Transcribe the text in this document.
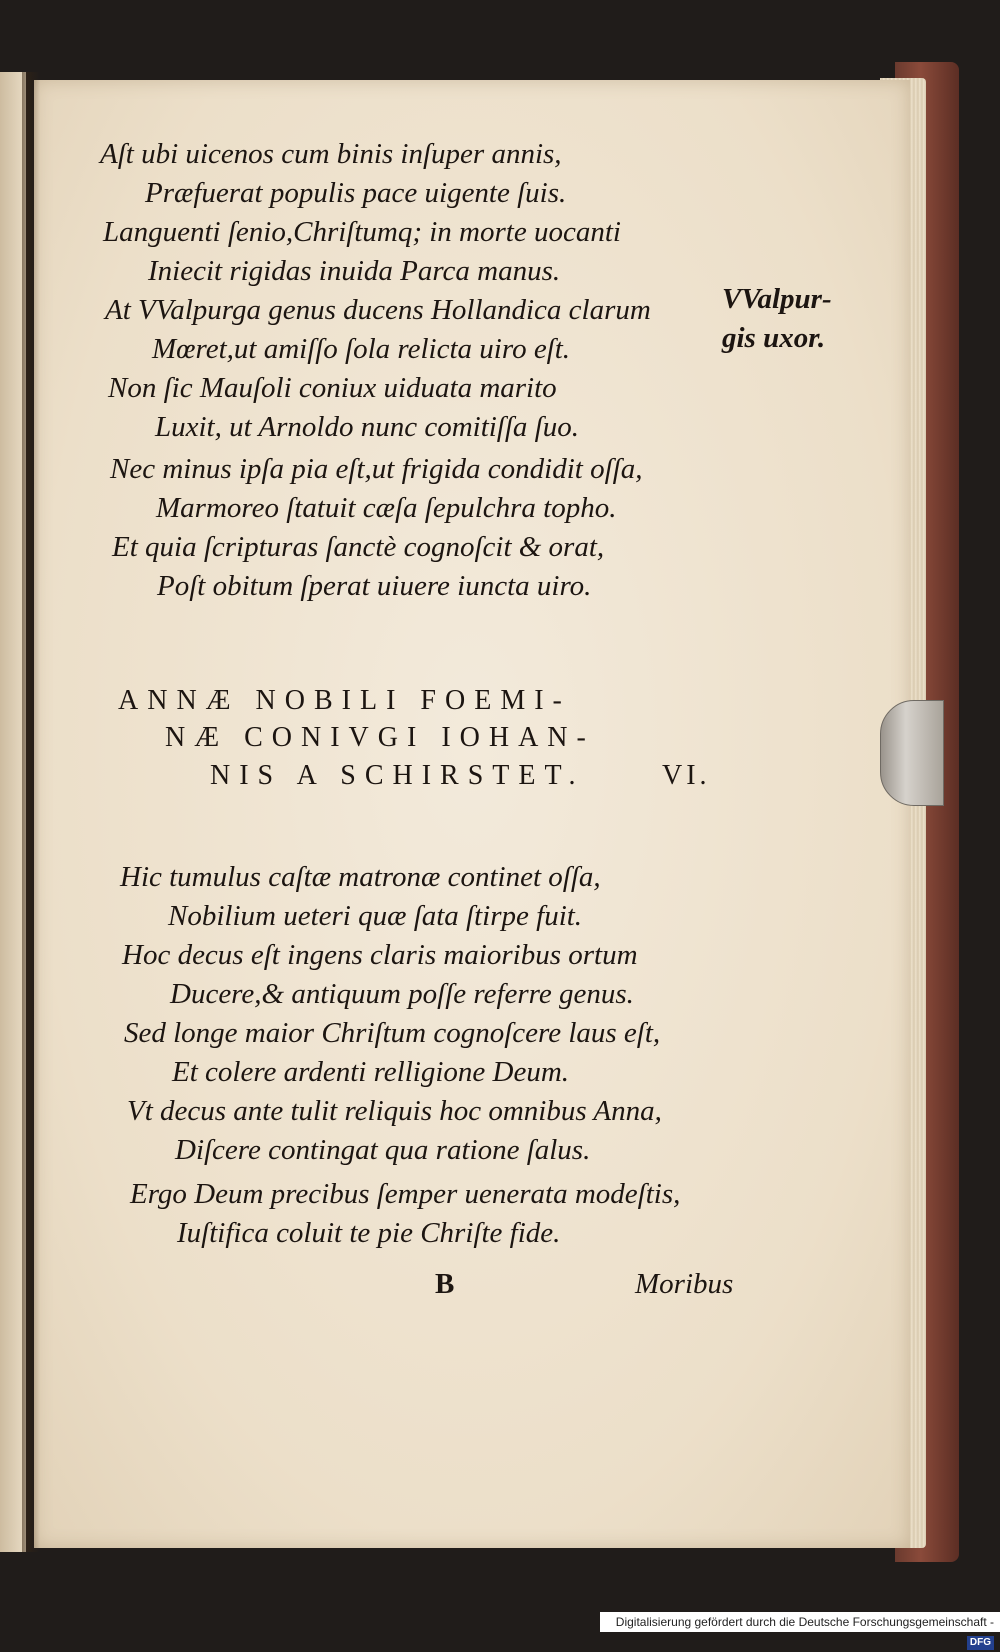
Aſt ubi uicenos cum binis inſuper annis,
Præfuerat populis pace uigente ſuis.
Languenti ſenio,Chriſtumq; in morte uocanti
Iniecit rigidas inuida Parca manus.
At VValpurga genus ducens Hollandica clarum
Mœret,ut amiſſo ſola relicta uiro eſt.
Non ſic Mauſoli coniux uiduata marito
Luxit, ut Arnoldo nunc comitiſſa ſuo.
Nec minus ipſa pia eſt,ut frigida condidit oſſa,
Marmoreo ſtatuit cæſa ſepulchra topho.
Et quia ſcripturas ſanctè cognoſcit & orat,
Poſt obitum ſperat uiuere iuncta uiro.
VValpur-
gis uxor.
ANNÆ NOBILI FOEMI-
NÆ CONIVGI IOHAN-
NIS A SCHIRSTET.	VI.
Hic tumulus caſtæ matronæ continet oſſa,
Nobilium ueteri quæ ſata ſtirpe fuit.
Hoc decus eſt ingens claris maioribus ortum
Ducere,& antiquum poſſe referre genus.
Sed longe maior Chriſtum cognoſcere laus eſt,
Et colere ardenti relligione Deum.
Vt decus ante tulit reliquis hoc omnibus Anna,
Diſcere contingat qua ratione ſalus.
Ergo Deum precibus ſemper uenerata modeſtis,
Iuſtifica coluit te pie Chriſte fide.
B	Moribus
Digitalisierung gefördert durch die Deutsche Forschungsgemeinschaft -DFG
